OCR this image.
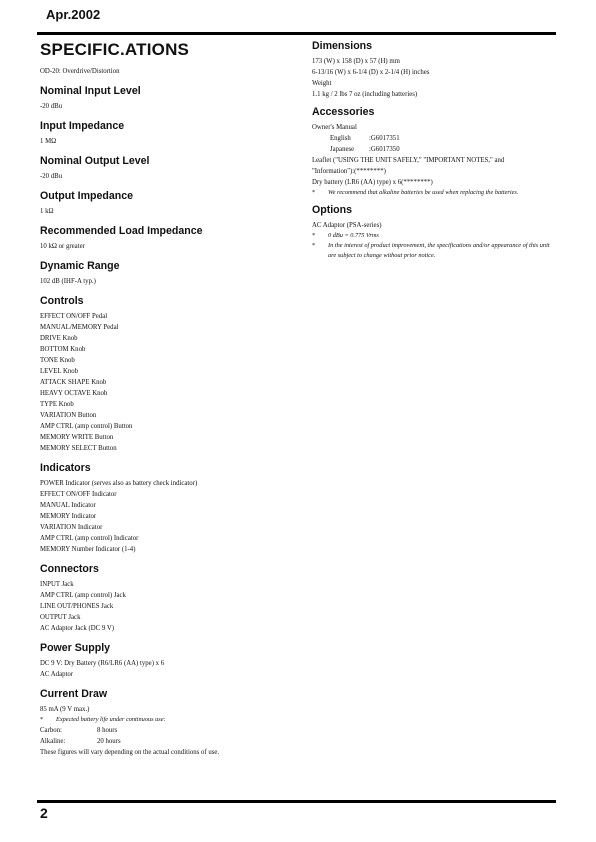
Apr.2002
SPECIFIC.ATIONS
OD-20: Overdrive/Distortion
Nominal Input Level
-20 dBu
Input Impedance
1 MΩ
Nominal Output Level
-20 dBu
Output Impedance
1 kΩ
Recommended Load Impedance
10 kΩ or greater
Dynamic Range
102 dB (IHF-A typ.)
Controls
EFFECT ON/OFF Pedal
MANUAL/MEMORY Pedal
DRIVE Knob
BOTTOM Knob
TONE Knob
LEVEL Knob
ATTACK SHAPE Knob
HEAVY OCTAVE Knob
TYPE Knob
VARIATION Button
AMP CTRL (amp control) Button
MEMORY WRITE Button
MEMORY SELECT Button
Indicators
POWER Indicator (serves also as battery check indicator)
EFFECT ON/OFF Indicator
MANUAL Indicator
MEMORY Indicator
VARIATION Indicator
AMP CTRL (amp control) Indicator
MEMORY Number Indicator (1-4)
Connectors
INPUT Jack
AMP CTRL (amp control) Jack
LINE OUT/PHONES Jack
OUTPUT Jack
AC Adaptor Jack (DC 9 V)
Power Supply
DC 9 V: Dry Battery (R6/LR6 (AA) type) x 6
AC Adaptor
Current Draw
85 mA (9 V max.)
*	Expected battery life under continuous use:
Carbon:	8 hours
Alkaline:	20 hours
These figures will vary depending on the actual conditions of use.
Dimensions
173 (W) x 158 (D) x 57 (H) mm
6-13/16 (W) x 6-1/4 (D) x 2-1/4 (H) inches
Weight
1.1 kg / 2 lbs 7 oz (including batteries)
Accessories
Owner's Manual
English	:G6017351
Japanese	:G6017350
Leaflet ("USING THE UNIT SAFELY," "IMPORTANT NOTES," and "Information"):(********)
Dry battery (LR6 (AA) type) x 6(********)
*	We recommend that alkaline batteries be used when replacing the batteries.
Options
AC Adaptor (PSA-series)
*	0 dBu = 0.775 Vrms
*	In the interest of product improvement, the specifications and/or appearance of this unit are subject to change without prior notice.
2
